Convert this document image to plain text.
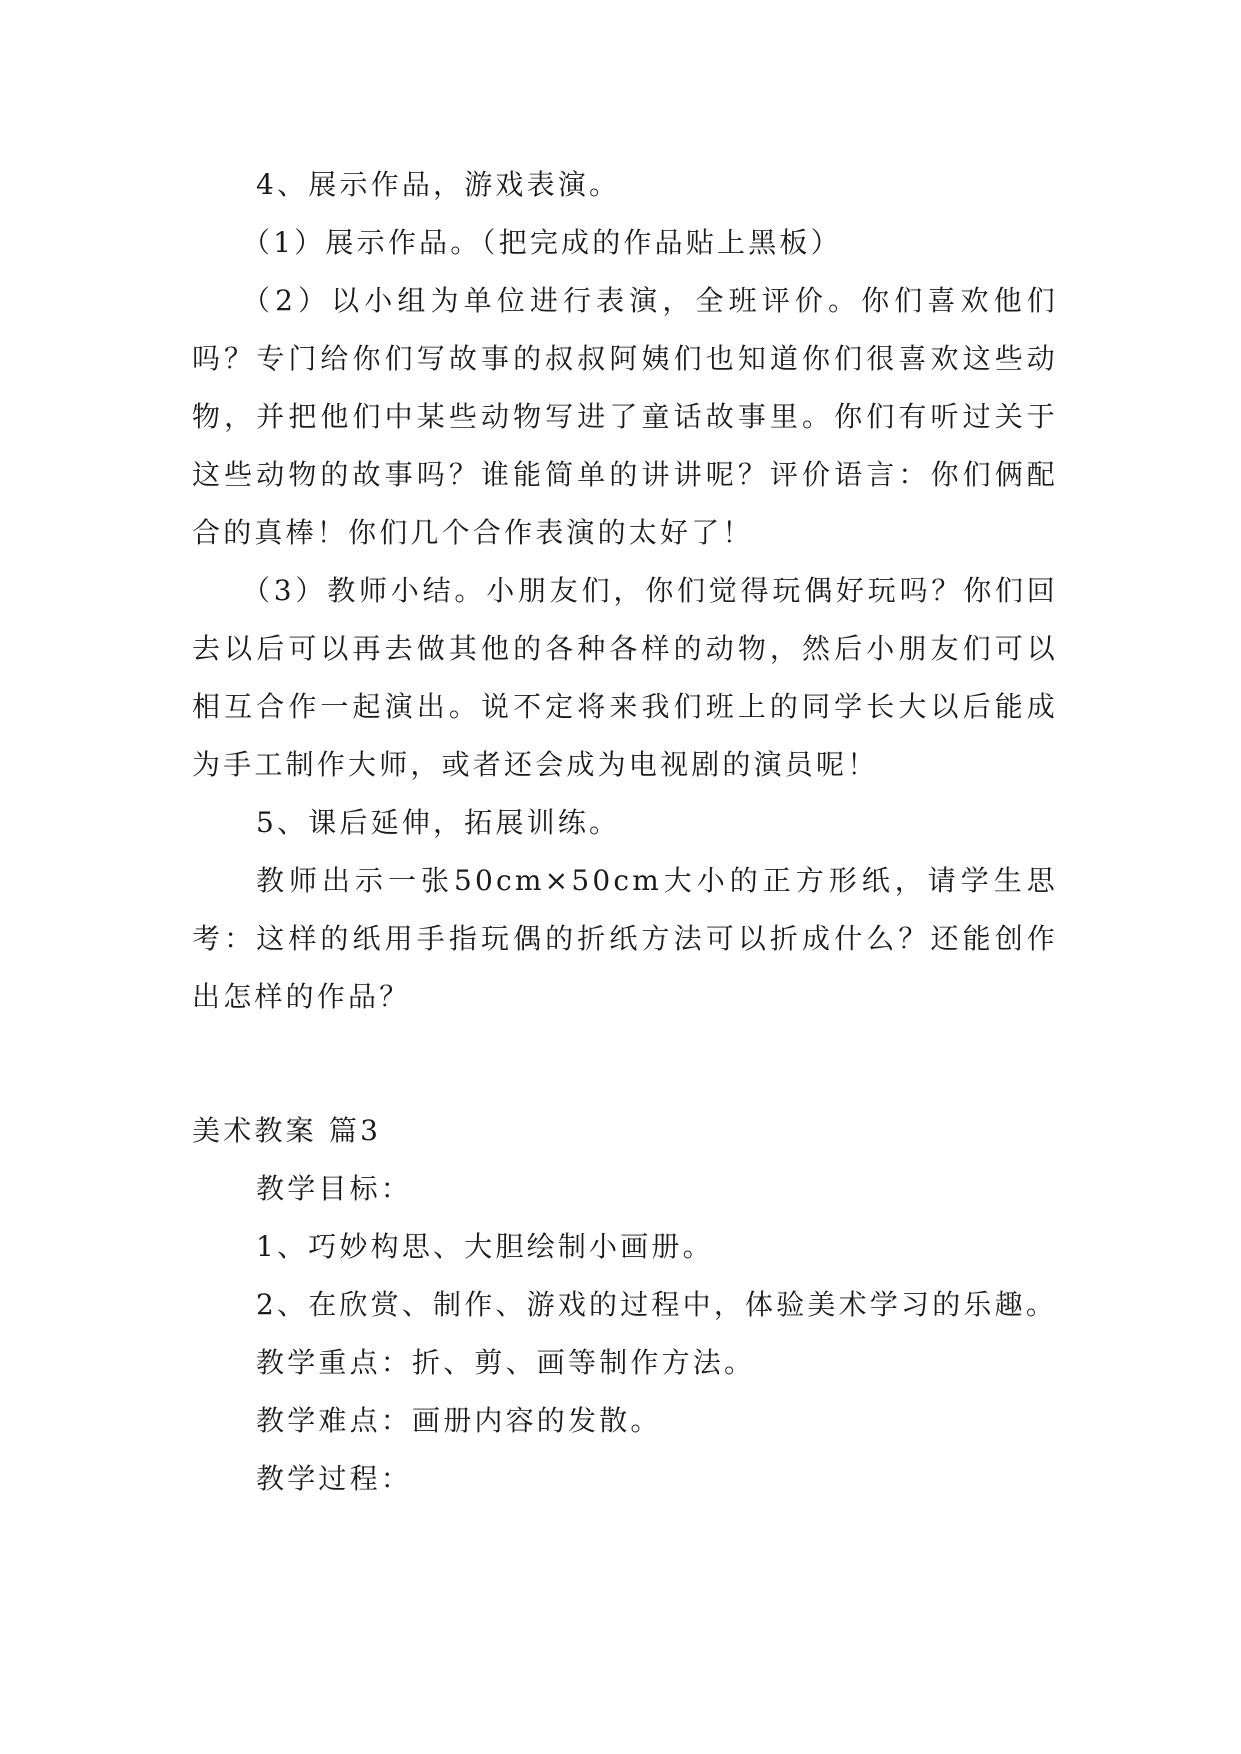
4、展示作品，游戏表演。

（1）展示作品。（把完成的作品贴上黑板）

（2）以小组为单位进行表演，全班评价。你们喜欢他们吗？专门给你们写故事的叔叔阿姨们也知道你们很喜欢这些动物，并把他们中某些动物写进了童话故事里。你们有听过关于这些动物的故事吗？谁能简单的讲讲呢？评价语言：你们俩配合的真棒！你们几个合作表演的太好了！

（3）教师小结。小朋友们，你们觉得玩偶好玩吗？你们回去以后可以再去做其他的各种各样的动物，然后小朋友们可以相互合作一起演出。说不定将来我们班上的同学长大以后能成为手工制作大师，或者还会成为电视剧的演员呢！

5、课后延伸，拓展训练。

教师出示一张50cm×50cm大小的正方形纸，请学生思考：这样的纸用手指玩偶的折纸方法可以折成什么？还能创作出怎样的作品？

美术教案 篇3

教学目标：

1、巧妙构思、大胆绘制小画册。

2、在欣赏、制作、游戏的过程中，体验美术学习的乐趣。

教学重点：折、剪、画等制作方法。

教学难点：画册内容的发散。

教学过程：
